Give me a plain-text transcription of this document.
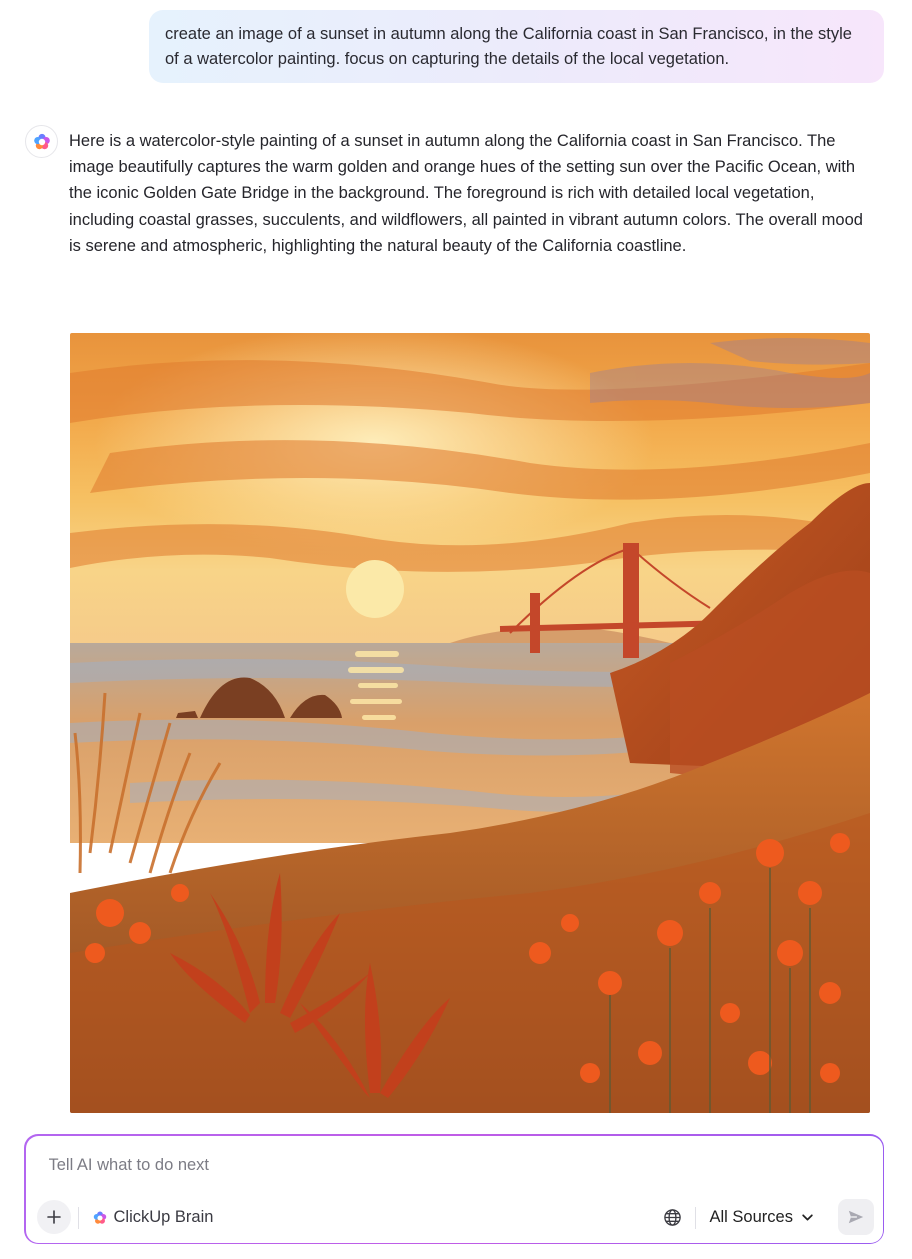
create an image of a sunset in autumn along the California coast in San Francisco, in the style of a watercolor painting. focus on capturing the details of the local vegetation.
Here is a watercolor-style painting of a sunset in autumn along the California coast in San Francisco. The image beautifully captures the warm golden and orange hues of the setting sun over the Pacific Ocean, with the iconic Golden Gate Bridge in the background. The foreground is rich with detailed local vegetation, including coastal grasses, succulents, and wildflowers, all painted in vibrant autumn colors. The overall mood is serene and atmospheric, highlighting the natural beauty of the California coastline.
Tell AI what to do next
ClickUp Brain	All Sources
